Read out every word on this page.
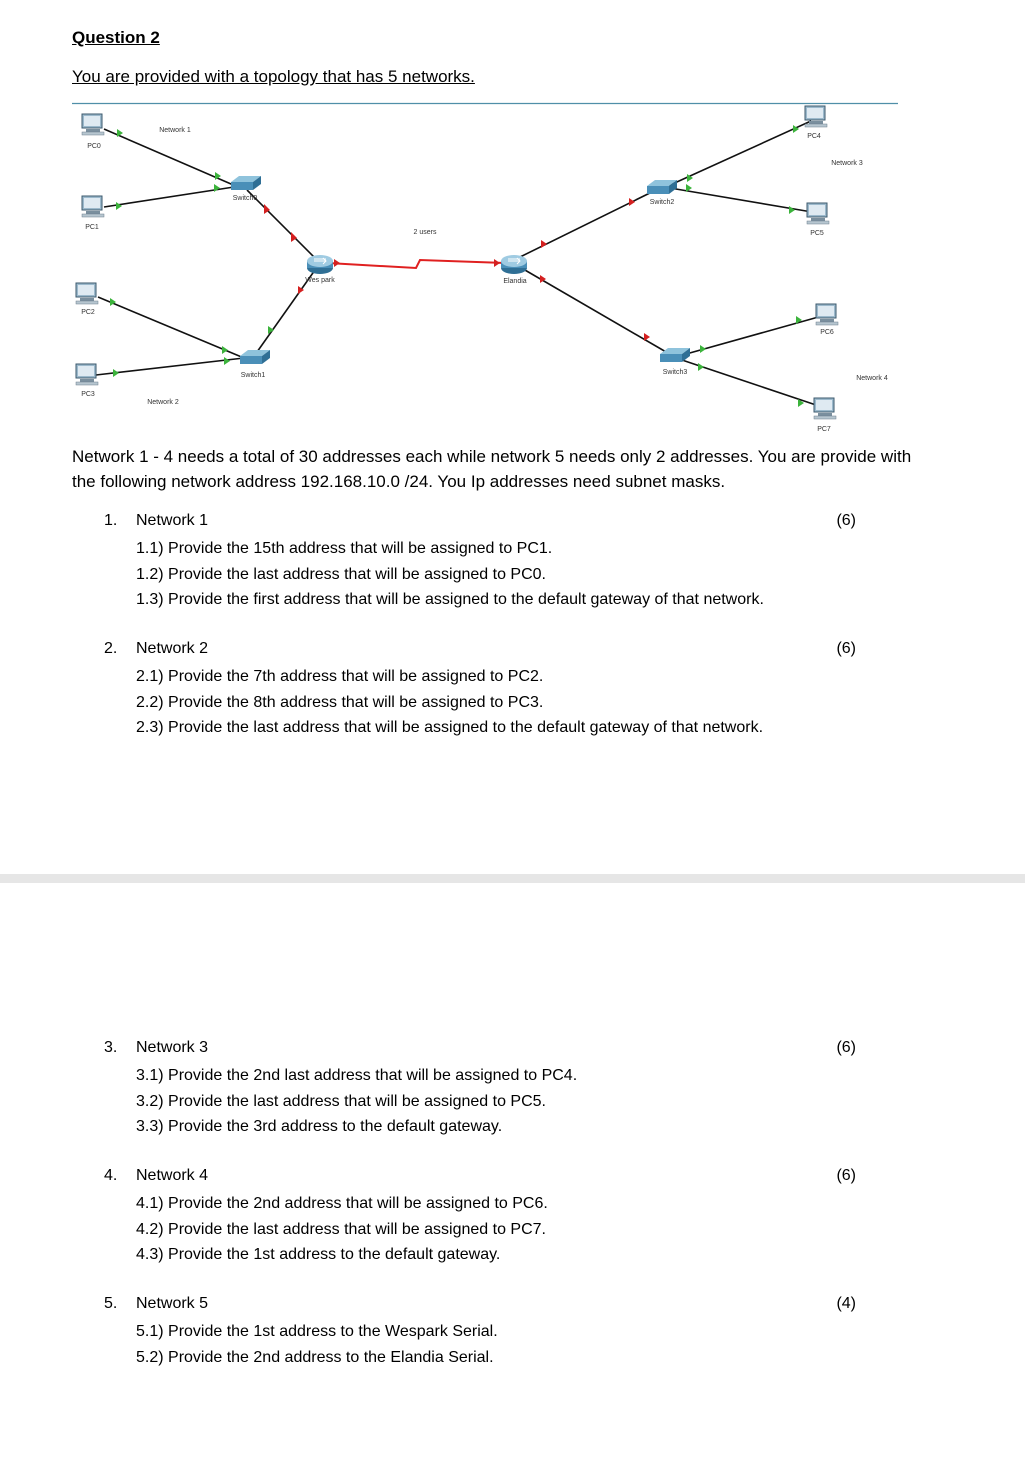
Question 2
You are provided with a topology that has 5 networks.
PC0
PC1
PC2
PC3
PC4
PC5
PC6
PC7
Switch0
Switch1
Switch2
Switch3
Wes park	Elandia
2 users
Network 1
Network 2
Network 3
Network 4
Network 1 - 4 needs a total of 30 addresses each while network 5 needs only 2 addresses. You are provide with the following network address 192.168.10.0 /24. You Ip addresses need subnet masks.
1. Network 1	(6)
1.1) Provide the 15th address that will be assigned to PC1.
1.2) Provide the last address that will be assigned to PC0.
1.3) Provide the first address that will be assigned to the default gateway of that network.
2. Network 2	(6)
2.1) Provide the 7th address that will be assigned to PC2.
2.2) Provide the 8th address that will be assigned to PC3.
2.3) Provide the last address that will be assigned to the default gateway of that network.
3. Network 3	(6)
3.1) Provide the 2nd last address that will be assigned to PC4.
3.2) Provide the last address that will be assigned to PC5.
3.3) Provide the 3rd address to the default gateway.
4. Network 4	(6)
4.1) Provide the 2nd address that will be assigned to PC6.
4.2) Provide the last address that will be assigned to PC7.
4.3) Provide the 1st address to the default gateway.
5. Network 5	(4)
5.1) Provide the 1st address to the Wespark Serial.
5.2) Provide the 2nd address to the Elandia Serial.
